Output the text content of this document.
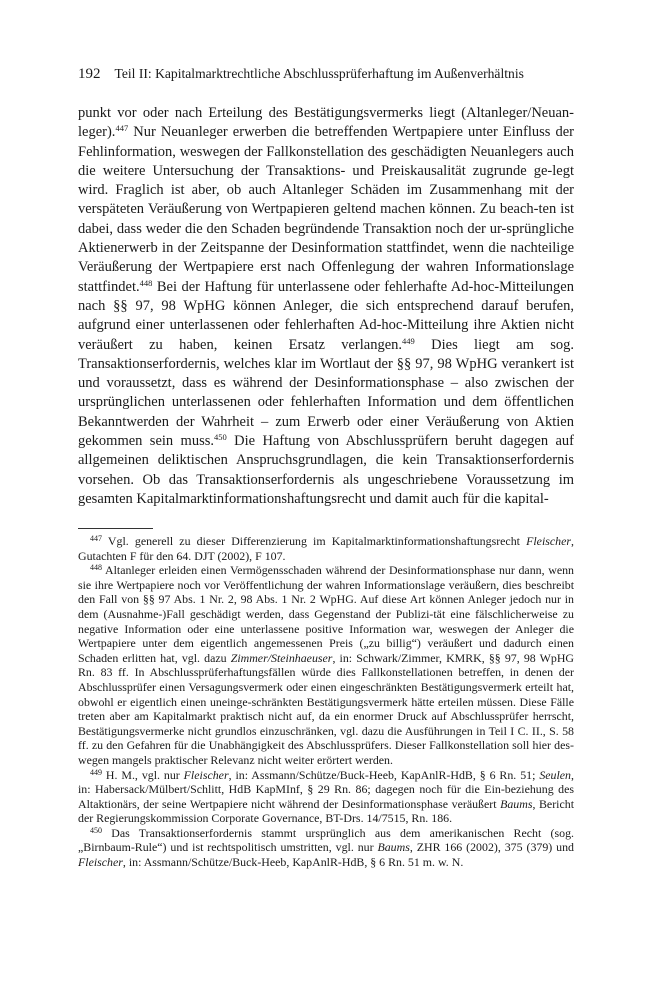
192 Teil II: Kapitalmarktrechtliche Abschlussprüferhaftung im Außenverhältnis

punkt vor oder nach Erteilung des Bestätigungsvermerks liegt (Altanleger/Neuan-leger).$^{447}$ Nur Neuanleger erwerben die betreffenden Wertpapiere unter Einfluss der Fehlinformation, weswegen der Fallkonstellation des geschädigten Neuanlegers auch die weitere Untersuchung der Transaktions- und Preiskausalität zugrunde ge-legt wird. Fraglich ist aber, ob auch Altanleger Schäden im Zusammenhang mit der verspäteten Veräußerung von Wertpapieren geltend machen können. Zu beach-ten ist dabei, dass weder die den Schaden begründende Transaktion noch der ur-sprüngliche Aktienerwerb in der Zeitspanne der Desinformation stattfindet, wenn die nachteilige Veräußerung der Wertpapiere erst nach Offenlegung der wahren Informationslage stattfindet.$^{448}$ Bei der Haftung für unterlassene oder fehlerhafte Ad-hoc-Mitteilungen nach §§ 97, 98 WpHG können Anleger, die sich entsprechend darauf berufen, aufgrund einer unterlassenen oder fehlerhaften Ad-hoc-Mitteilung ihre Aktien nicht veräußert zu haben, keinen Ersatz verlangen.$^{449}$ Dies liegt am sog. Transaktionserfordernis, welches klar im Wortlaut der §§ 97, 98 WpHG verankert ist und voraussetzt, dass es während der Desinformationsphase – also zwischen der ursprünglichen unterlassenen oder fehlerhaften Information und dem öffentlichen Bekanntwerden der Wahrheit – zum Erwerb oder einer Veräußerung von Aktien gekommen sein muss.$^{450}$ Die Haftung von Abschlussprüfern beruht dagegen auf allgemeinen deliktischen Anspruchsgrundlagen, die kein Transaktionserfordernis vorsehen. Ob das Transaktionserfordernis als ungeschriebene Voraussetzung im gesamten Kapitalmarktinformationshaftungsrecht und damit auch für die kapital-

$^{447}$ Vgl. generell zu dieser Differenzierung im Kapitalmarktinformationshaftungsrecht Fleischer, Gutachten F für den 64. DJT (2002), F 107.

$^{448}$ Altanleger erleiden einen Vermögensschaden während der Desinformationsphase nur dann, wenn sie ihre Wertpapiere noch vor Veröffentlichung der wahren Informationslage veräußern, dies beschreibt den Fall von §§ 97 Abs. 1 Nr. 2, 98 Abs. 1 Nr. 2 WpHG. Auf diese Art können Anleger jedoch nur in dem (Ausnahme-)Fall geschädigt werden, dass Gegenstand der Publizi-tät eine fälschlicherweise zu negative Information oder eine unterlassene positive Information war, weswegen der Anleger die Wertpapiere unter dem eigentlich angemessenen Preis („zu billig“) veräußert und dadurch einen Schaden erlitten hat, vgl. dazu Zimmer/Steinhaeuser, in: Schwark/Zimmer, KMRK, §§ 97, 98 WpHG Rn. 83 ff. In Abschlussprüferhaftungsfällen würde dies Fallkonstellationen betreffen, in denen der Abschlussprüfer einen Versagungsvermerk oder einen eingeschränkten Bestätigungsvermerk erteilt hat, obwohl er eigentlich einen uneinge-schränkten Bestätigungsvermerk hätte erteilen müssen. Diese Fälle treten aber am Kapitalmarkt praktisch nicht auf, da ein enormer Druck auf Abschlussprüfer herrscht, Bestätigungsvermerke nicht grundlos einzuschränken, vgl. dazu die Ausführungen in Teil I C. II., S. 58 ff. zu den Gefahren für die Unabhängigkeit des Abschlussprüfers. Dieser Fallkonstellation soll hier des-wegen mangels praktischer Relevanz nicht weiter erörtert werden.

$^{449}$ H. M., vgl. nur Fleischer, in: Assmann/Schütze/Buck-Heeb, KapAnlR-HdB, § 6 Rn. 51; Seulen, in: Habersack/Mülbert/Schlitt, HdB KapMInf, § 29 Rn. 86; dagegen noch für die Ein-beziehung des Altaktionärs, der seine Wertpapiere nicht während der Desinformationsphase veräußert Baums, Bericht der Regierungskommission Corporate Governance, BT-Drs. 14/7515, Rn. 186.

$^{450}$ Das Transaktionserfordernis stammt ursprünglich aus dem amerikanischen Recht (sog. „Birnbaum-Rule“) und ist rechtspolitisch umstritten, vgl. nur Baums, ZHR 166 (2002), 375 (379) und Fleischer, in: Assmann/Schütze/Buck-Heeb, KapAnlR-HdB, § 6 Rn. 51 m. w. N.
